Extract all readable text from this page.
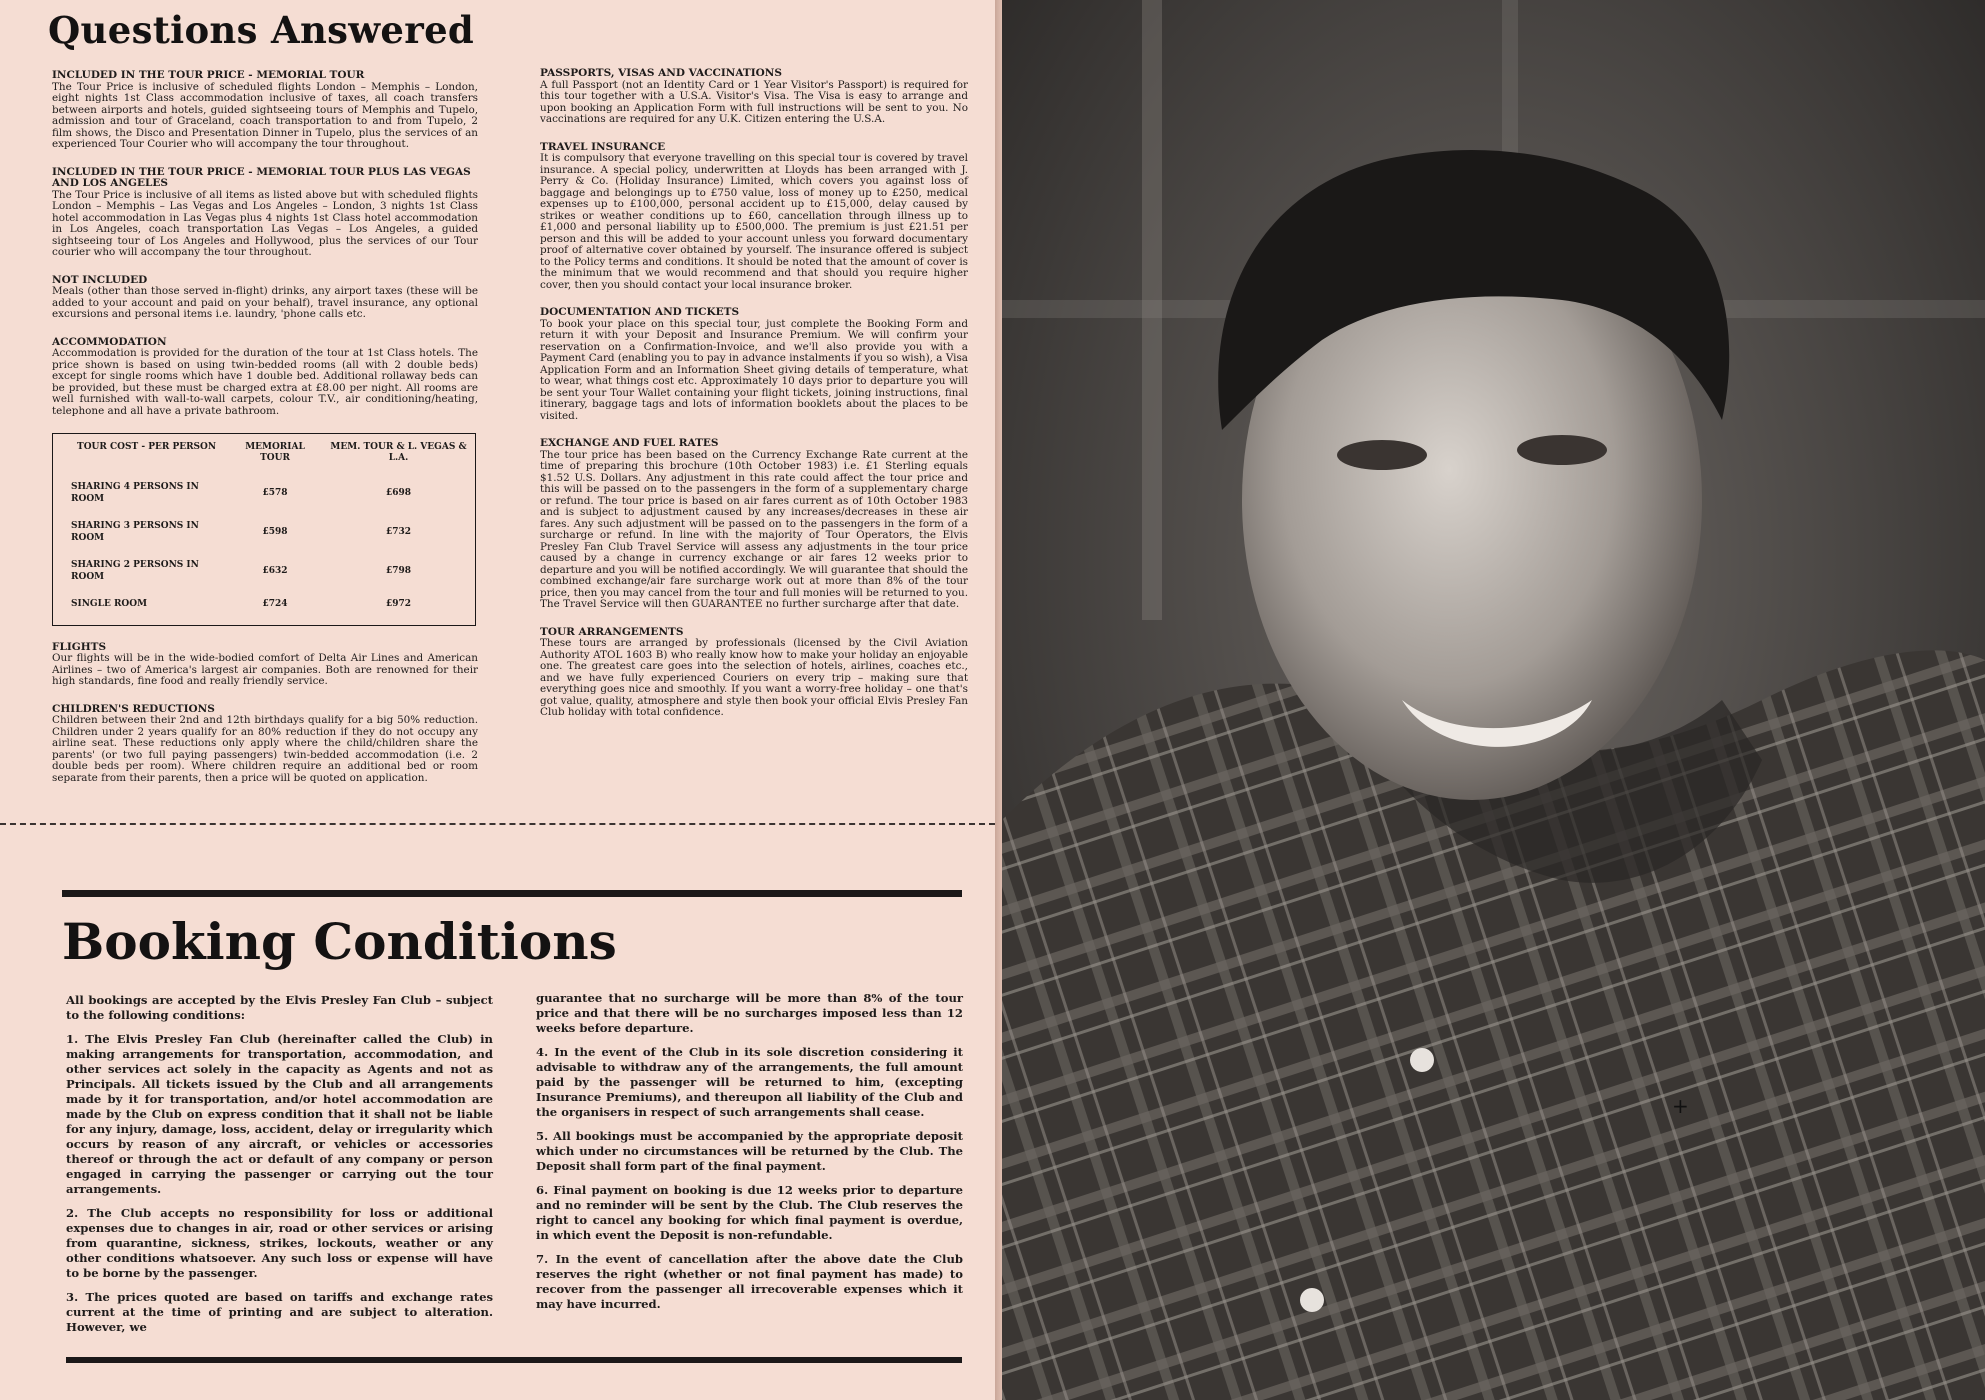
Questions Answered
INCLUDED IN THE TOUR PRICE - MEMORIAL TOUR

The Tour Price is inclusive of scheduled flights London – Memphis – London, eight nights 1st Class accommodation inclusive of taxes, all coach transfers between airports and hotels, guided sightseeing tours of Memphis and Tupelo, admission and tour of Graceland, coach transportation to and from Tupelo, 2 film shows, the Disco and Presentation Dinner in Tupelo, plus the services of an experienced Tour Courier who will accompany the tour throughout.

INCLUDED IN THE TOUR PRICE - MEMORIAL TOUR PLUS LAS VEGAS AND LOS ANGELES

The Tour Price is inclusive of all items as listed above but with scheduled flights London – Memphis – Las Vegas and Los Angeles – London, 3 nights 1st Class hotel accommodation in Las Vegas plus 4 nights 1st Class hotel accommodation in Los Angeles, coach transportation Las Vegas – Los Angeles, a guided sightseeing tour of Los Angeles and Hollywood, plus the services of our Tour courier who will accompany the tour throughout.

NOT INCLUDED

Meals (other than those served in-flight) drinks, any airport taxes (these will be added to your account and paid on your behalf), travel insurance, any optional excursions and personal items i.e. laundry, 'phone calls etc.

ACCOMMODATION

Accommodation is provided for the duration of the tour at 1st Class hotels. The price shown is based on using twin-bedded rooms (all with 2 double beds) except for single rooms which have 1 double bed. Additional rollaway beds can be provided, but these must be charged extra at £8.00 per night. All rooms are well furnished with wall-to-wall carpets, colour T.V., air conditioning/heating, telephone and all have a private bathroom.

TOUR COST - PER PERSON	MEMORIAL TOUR	MEM. TOUR & L. VEGAS & L.A.
SHARING 4 PERSONS IN ROOM	£578	£698
SHARING 3 PERSONS IN ROOM	£598	£732
SHARING 2 PERSONS IN ROOM	£632	£798
SINGLE ROOM	£724	£972
FLIGHTS

Our flights will be in the wide-bodied comfort of Delta Air Lines and American Airlines – two of America's largest air companies. Both are renowned for their high standards, fine food and really friendly service.

CHILDREN'S REDUCTIONS

Children between their 2nd and 12th birthdays qualify for a big 50% reduction. Children under 2 years qualify for an 80% reduction if they do not occupy any airline seat. These reductions only apply where the child/children share the parents' (or two full paying passengers) twin-bedded accommodation (i.e. 2 double beds per room). Where children require an additional bed or room separate from their parents, then a price will be quoted on application.

PASSPORTS, VISAS AND VACCINATIONS

A full Passport (not an Identity Card or 1 Year Visitor's Passport) is required for this tour together with a U.S.A. Visitor's Visa. The Visa is easy to arrange and upon booking an Application Form with full instructions will be sent to you. No vaccinations are required for any U.K. Citizen entering the U.S.A.

TRAVEL INSURANCE

It is compulsory that everyone travelling on this special tour is covered by travel insurance. A special policy, underwritten at Lloyds has been arranged with J. Perry & Co. (Holiday Insurance) Limited, which covers you against loss of baggage and belongings up to £750 value, loss of money up to £250, medical expenses up to £100,000, personal accident up to £15,000, delay caused by strikes or weather conditions up to £60, cancellation through illness up to £1,000 and personal liability up to £500,000. The premium is just £21.51 per person and this will be added to your account unless you forward documentary proof of alternative cover obtained by yourself. The insurance offered is subject to the Policy terms and conditions. It should be noted that the amount of cover is the minimum that we would recommend and that should you require higher cover, then you should contact your local insurance broker.

DOCUMENTATION AND TICKETS

To book your place on this special tour, just complete the Booking Form and return it with your Deposit and Insurance Premium. We will confirm your reservation on a Confirmation-Invoice, and we'll also provide you with a Payment Card (enabling you to pay in advance instalments if you so wish), a Visa Application Form and an Information Sheet giving details of temperature, what to wear, what things cost etc. Approximately 10 days prior to departure you will be sent your Tour Wallet containing your flight tickets, joining instructions, final itinerary, baggage tags and lots of information booklets about the places to be visited.

EXCHANGE AND FUEL RATES

The tour price has been based on the Currency Exchange Rate current at the time of preparing this brochure (10th October 1983) i.e. £1 Sterling equals $1.52 U.S. Dollars. Any adjustment in this rate could affect the tour price and this will be passed on to the passengers in the form of a supplementary charge or refund. The tour price is based on air fares current as of 10th October 1983 and is subject to adjustment caused by any increases/decreases in these air fares. Any such adjustment will be passed on to the passengers in the form of a surcharge or refund. In line with the majority of Tour Operators, the Elvis Presley Fan Club Travel Service will assess any adjustments in the tour price caused by a change in currency exchange or air fares 12 weeks prior to departure and you will be notified accordingly. We will guarantee that should the combined exchange/air fare surcharge work out at more than 8% of the tour price, then you may cancel from the tour and full monies will be returned to you. The Travel Service will then GUARANTEE no further surcharge after that date.

TOUR ARRANGEMENTS

These tours are arranged by professionals (licensed by the Civil Aviation Authority ATOL 1603 B) who really know how to make your holiday an enjoyable one. The greatest care goes into the selection of hotels, airlines, coaches etc., and we have fully experienced Couriers on every trip – making sure that everything goes nice and smoothly. If you want a worry-free holiday – one that's got value, quality, atmosphere and style then book your official Elvis Presley Fan Club holiday with total confidence.

Booking Conditions

All bookings are accepted by the Elvis Presley Fan Club – subject to the following conditions:

1. The Elvis Presley Fan Club (hereinafter called the Club) in making arrangements for transportation, accommodation, and other services act solely in the capacity as Agents and not as Principals. All tickets issued by the Club and all arrangements made by it for transportation, and/or hotel accommodation are made by the Club on express condition that it shall not be liable for any injury, damage, loss, accident, delay or irregularity which occurs by reason of any aircraft, or vehicles or accessories thereof or through the act or default of any company or person engaged in carrying the passenger or carrying out the tour arrangements.

2. The Club accepts no responsibility for loss or additional expenses due to changes in air, road or other services or arising from quarantine, sickness, strikes, lockouts, weather or any other conditions whatsoever. Any such loss or expense will have to be borne by the passenger.

3. The prices quoted are based on tariffs and exchange rates current at the time of printing and are subject to alteration. However, we

guarantee that no surcharge will be more than 8% of the tour price and that there will be no surcharges imposed less than 12 weeks before departure.

4. In the event of the Club in its sole discretion considering it advisable to withdraw any of the arrangements, the full amount paid by the passenger will be returned to him, (excepting Insurance Premiums), and thereupon all liability of the Club and the organisers in respect of such arrangements shall cease.

5. All bookings must be accompanied by the appropriate deposit which under no circumstances will be returned by the Club. The Deposit shall form part of the final payment.

6. Final payment on booking is due 12 weeks prior to departure and no reminder will be sent by the Club. The Club reserves the right to cancel any booking for which final payment is overdue, in which event the Deposit is non-refundable.

7. In the event of cancellation after the above date the Club reserves the right (whether or not final payment has made) to recover from the passenger all irrecoverable expenses which it may have incurred.

+
